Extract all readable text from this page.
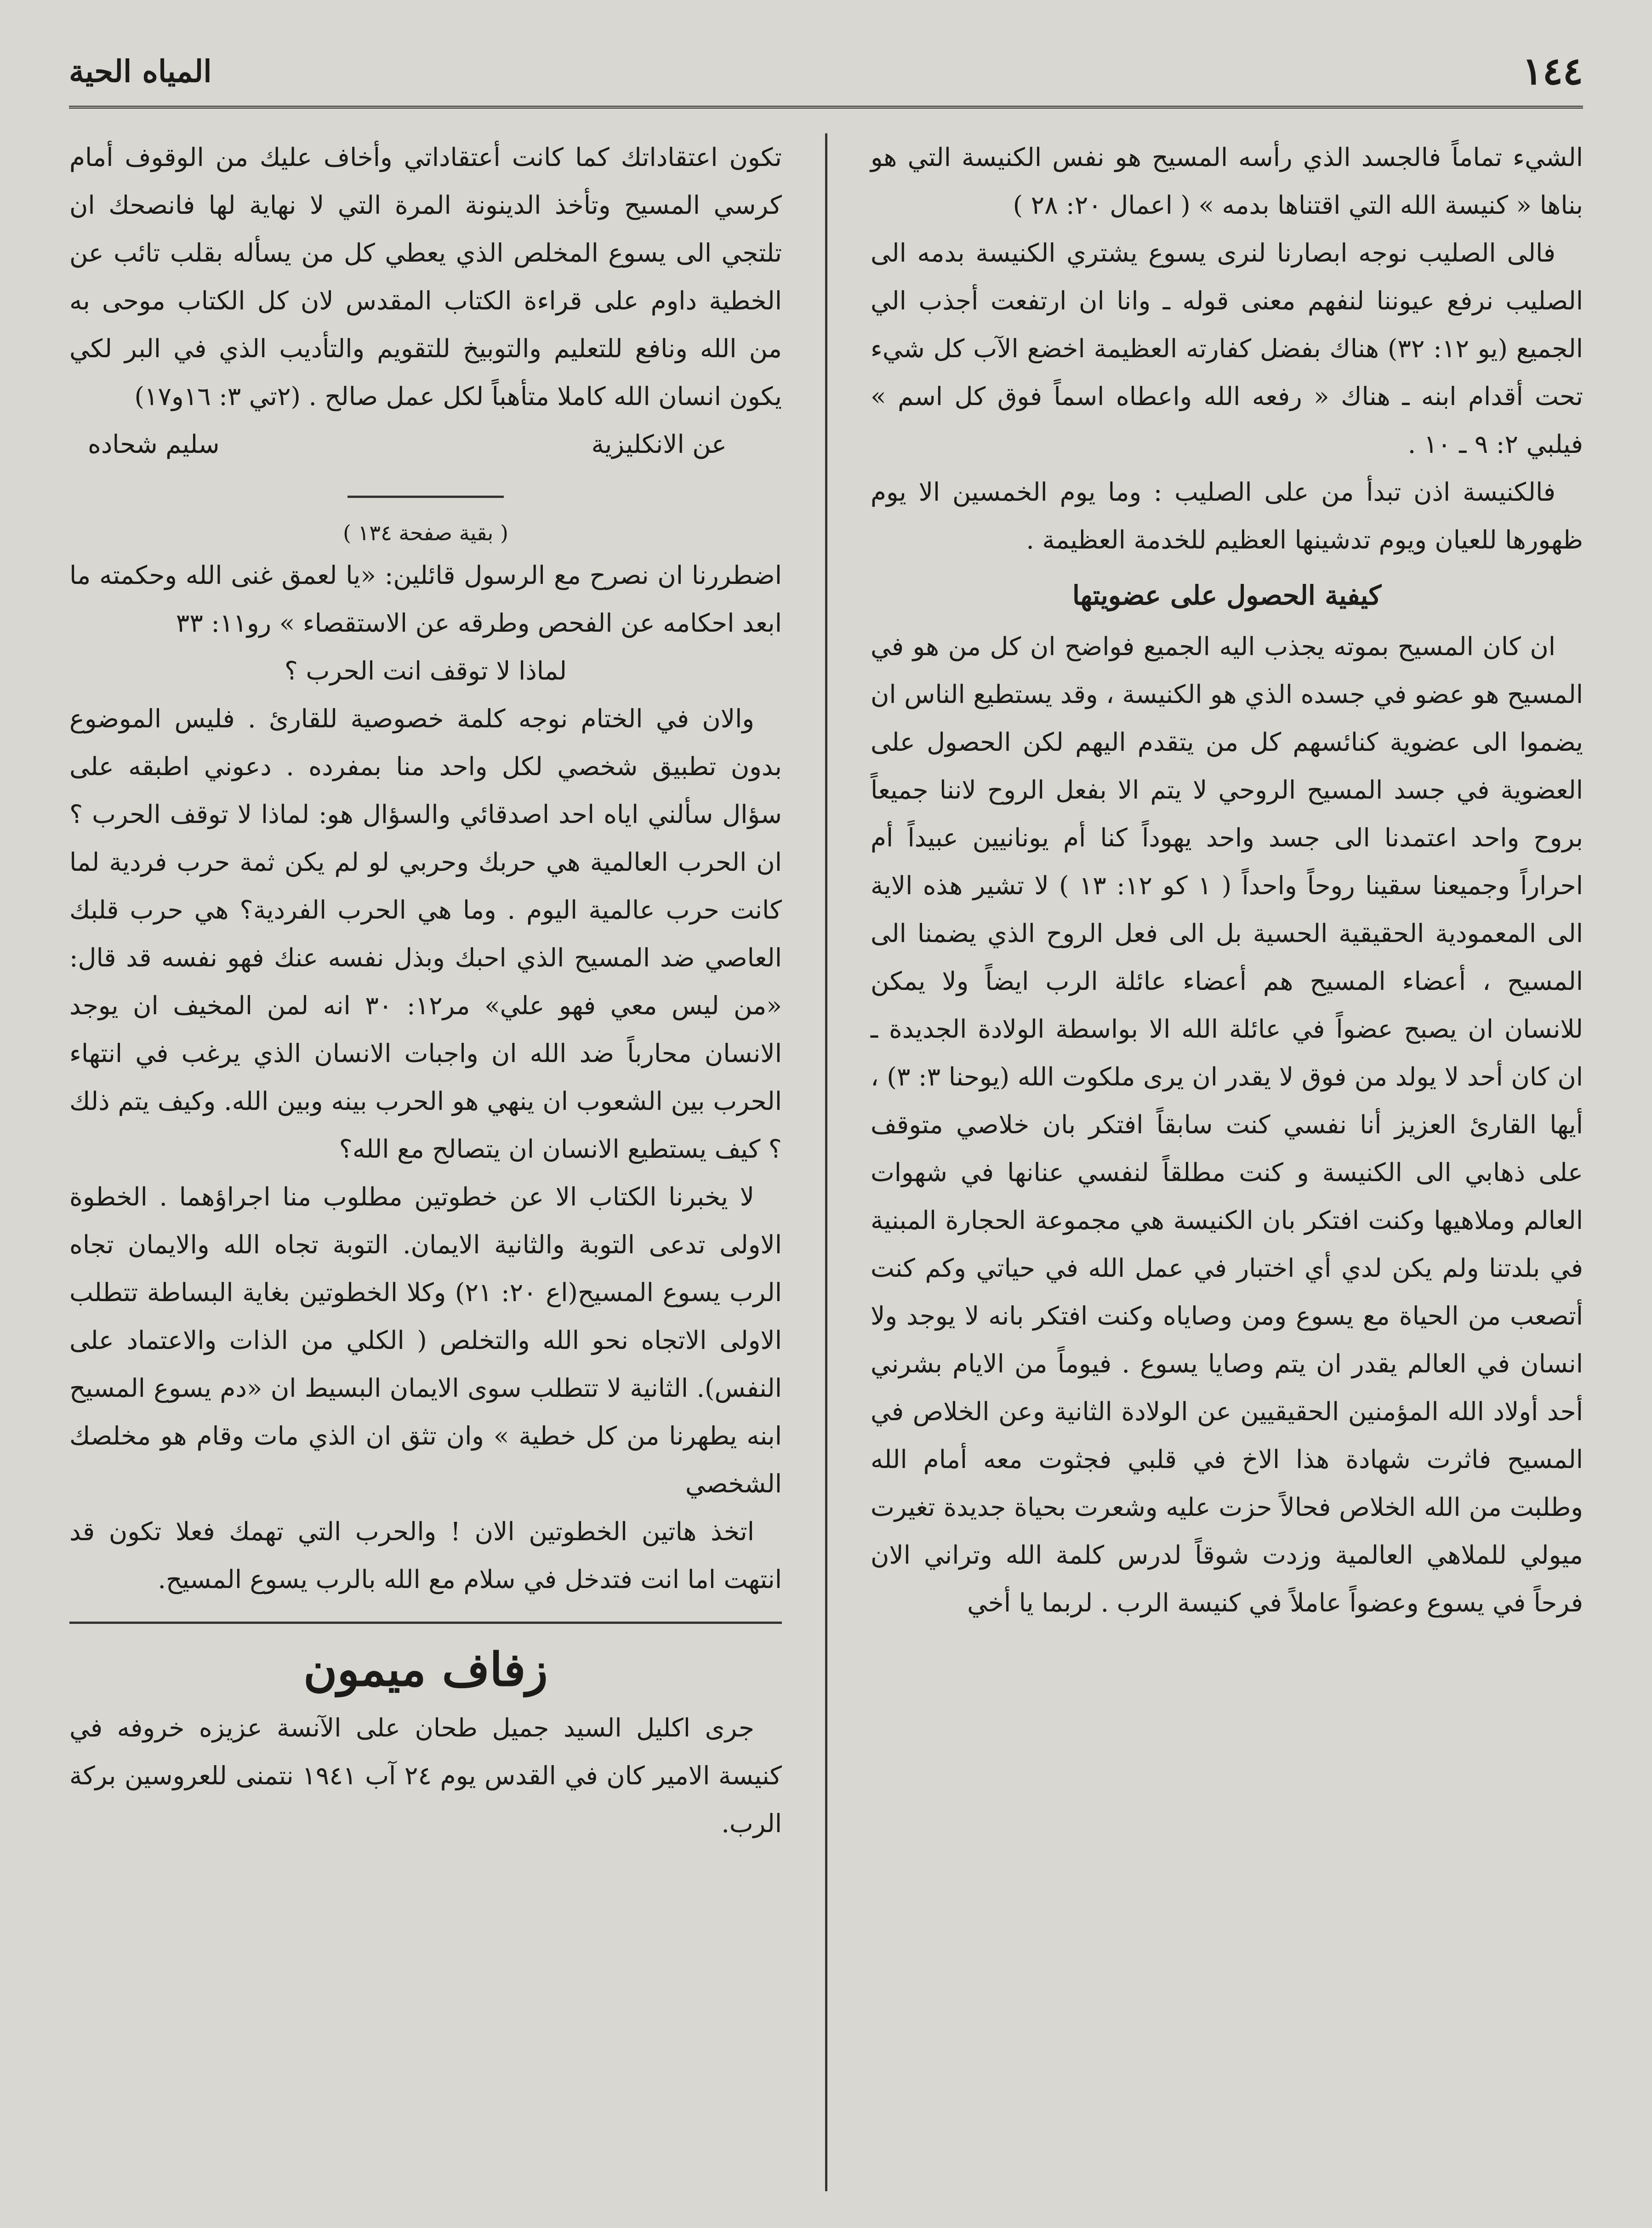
١٤٤
المياه الحية

الشيء تماماً فالجسد الذي رأسه المسيح هو نفس الكنيسة التي هو بناها « كنيسة الله التي اقتناها بدمه » ( اعمال ٢٠: ٢٨ )

فالى الصليب نوجه ابصارنا لنرى يسوع يشتري الكنيسة بدمه الى الصليب نرفع عيوننا لنفهم معنى قوله ـ وانا ان ارتفعت أجذب الي الجميع (يو ١٢: ٣٢) هناك بفضل كفارته العظيمة اخضع الآب كل شيء تحت أقدام ابنه ـ هناك « رفعه الله واعطاه اسماً فوق كل اسم » فيلبي ٢: ٩ ـ ١٠ .

فالكنيسة اذن تبدأ من على الصليب : وما يوم الخمسين الا يوم ظهورها للعيان ويوم تدشينها العظيم للخدمة العظيمة .

كيفية الحصول على عضويتها

ان كان المسيح بموته يجذب اليه الجميع فواضح ان كل من هو في المسيح هو عضو في جسده الذي هو الكنيسة ، وقد يستطيع الناس ان يضموا الى عضوية كنائسهم كل من يتقدم اليهم لكن الحصول على العضوية في جسد المسيح الروحي لا يتم الا بفعل الروح لاننا جميعاً بروح واحد اعتمدنا الى جسد واحد يهوداً كنا أم يونانيين عبيداً أم احراراً وجميعنا سقينا روحاً واحداً ( ١ كو ١٢: ١٣ ) لا تشير هذه الاية الى المعمودية الحقيقية الحسية بل الى فعل الروح الذي يضمنا الى المسيح ، أعضاء المسيح هم أعضاء عائلة الرب ايضاً ولا يمكن للانسان ان يصبح عضواً في عائلة الله الا بواسطة الولادة الجديدة ـ ان كان أحد لا يولد من فوق لا يقدر ان يرى ملكوت الله (يوحنا ٣: ٣) ، أيها القارئ العزيز أنا نفسي كنت سابقاً افتكر بان خلاصي متوقف على ذهابي الى الكنيسة و كنت مطلقاً لنفسي عنانها في شهوات العالم وملاهيها وكنت افتكر بان الكنيسة هي مجموعة الحجارة المبنية في بلدتنا ولم يكن لدي أي اختبار في عمل الله في حياتي وكم كنت أتصعب من الحياة مع يسوع ومن وصاياه وكنت افتكر بانه لا يوجد ولا انسان في العالم يقدر ان يتم وصايا يسوع . فيوماً من الايام بشرني أحد أولاد الله المؤمنين الحقيقيين عن الولادة الثانية وعن الخلاص في المسيح فاثرت شهادة هذا الاخ في قلبي فجثوت معه أمام الله وطلبت من الله الخلاص فحالاً حزت عليه وشعرت بحياة جديدة تغيرت ميولي للملاهي العالمية وزدت شوقاً لدرس كلمة الله وتراني الان فرحاً في يسوع وعضواً عاملاً في كنيسة الرب . لربما يا أخي

تكون اعتقاداتك كما كانت أعتقاداتي وأخاف عليك من الوقوف أمام كرسي المسيح وتأخذ الدينونة المرة التي لا نهاية لها فانصحك ان تلتجي الى يسوع المخلص الذي يعطي كل من يسأله بقلب تائب عن الخطية داوم على قراءة الكتاب المقدس لان كل الكتاب موحى به من الله ونافع للتعليم والتوبيخ للتقويم والتأديب الذي في البر لكي يكون انسان الله كاملا متأهباً لكل عمل صالح . (٢تي ٣: ١٦و١٧)

عن الانكليزية
سليم شحاده
( بقية صفحة ١٣٤ )

اضطررنا ان نصرح مع الرسول قائلين: «يا لعمق غنى الله وحكمته ما ابعد احكامه عن الفحص وطرقه عن الاستقصاء » رو١١: ٣٣

لماذا لا توقف انت الحرب ؟

والان في الختام نوجه كلمة خصوصية للقارئ . فليس الموضوع بدون تطبيق شخصي لكل واحد منا بمفرده . دعوني اطبقه على سؤال سألني اياه احد اصدقائي والسؤال هو: لماذا لا توقف الحرب ؟ ان الحرب العالمية هي حربك وحربي لو لم يكن ثمة حرب فردية لما كانت حرب عالمية اليوم . وما هي الحرب الفردية؟ هي حرب قلبك العاصي ضد المسيح الذي احبك وبذل نفسه عنك فهو نفسه قد قال: «من ليس معي فهو علي» مر١٢: ٣٠ انه لمن المخيف ان يوجد الانسان محارباً ضد الله ان واجبات الانسان الذي يرغب في انتهاء الحرب بين الشعوب ان ينهي هو الحرب بينه وبين الله. وكيف يتم ذلك ؟ كيف يستطيع الانسان ان يتصالح مع الله؟

لا يخبرنا الكتاب الا عن خطوتين مطلوب منا اجراؤهما . الخطوة الاولى تدعى التوبة والثانية الايمان. التوبة تجاه الله والايمان تجاه الرب يسوع المسيح(اع ٢٠: ٢١) وكلا الخطوتين بغاية البساطة تتطلب الاولى الاتجاه نحو الله والتخلص ( الكلي من الذات والاعتماد على النفس). الثانية لا تتطلب سوى الايمان البسيط ان «دم يسوع المسيح ابنه يطهرنا من كل خطية » وان تثق ان الذي مات وقام هو مخلصك الشخصي

اتخذ هاتين الخطوتين الان ! والحرب التي تهمك فعلا تكون قد انتهت اما انت فتدخل في سلام مع الله بالرب يسوع المسيح.

زفاف ميمون

جرى اكليل السيد جميل طحان على الآنسة عزيزه خروفه في كنيسة الامير كان في القدس يوم ٢٤ آب ١٩٤١ نتمنى للعروسين بركة الرب.
